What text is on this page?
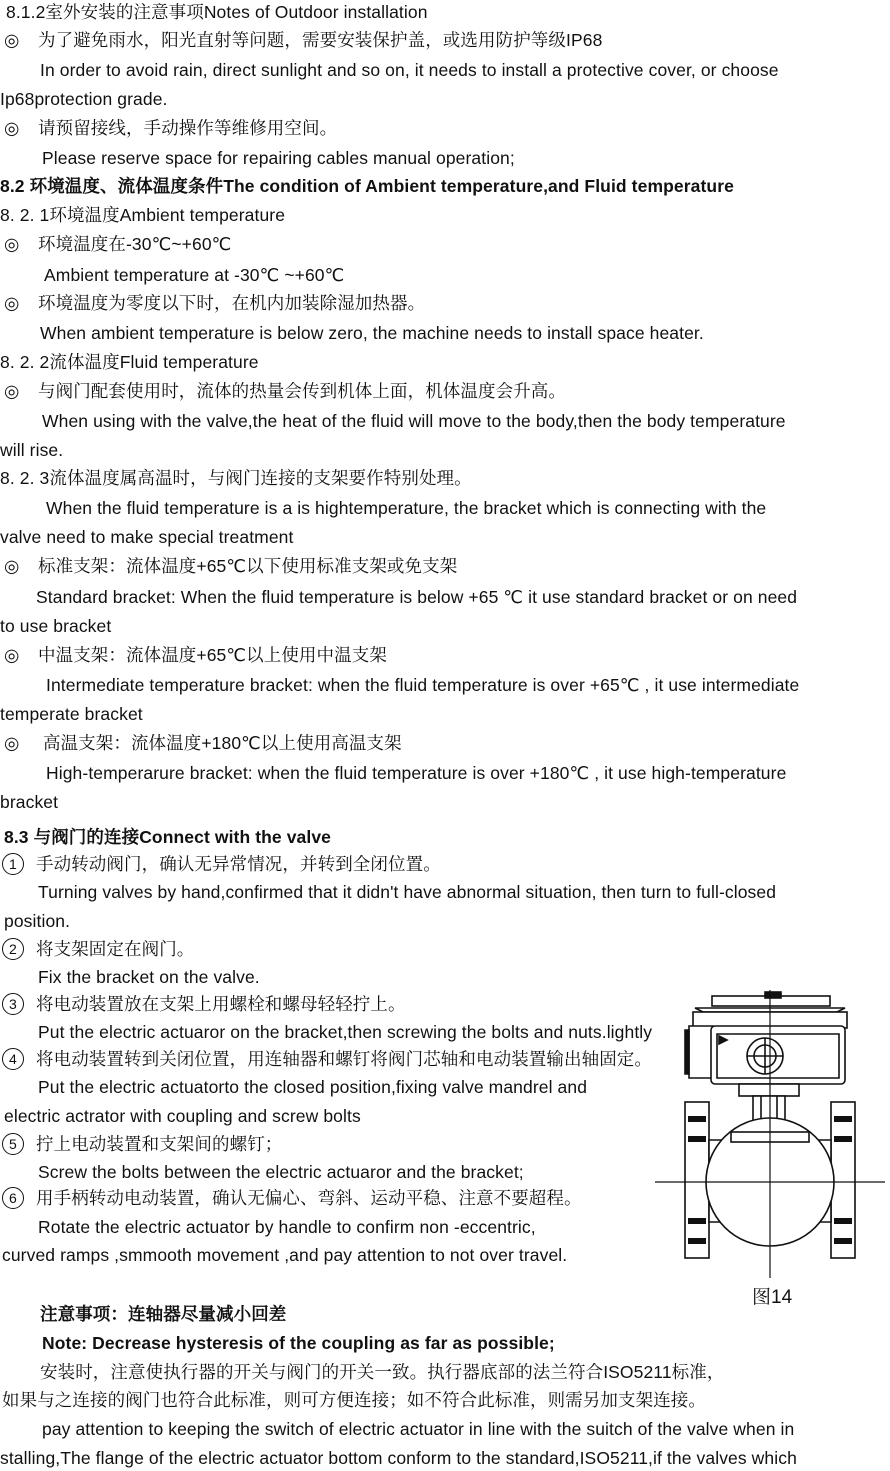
8.1.2室外安装的注意事项Notes of Outdoor installation
◎ 为了避免雨水，阳光直射等问题，需要安装保护盖，或选用防护等级IP68
In order to avoid rain, direct sunlight and so on, it needs to install a protective cover, or choose
Ip68protection grade.
◎ 请预留接线，手动操作等维修用空间。
Please reserve space for repairing cables manual operation;
8.2 环境温度、流体温度条件The condition of Ambient temperature,and Fluid temperature
8. 2. 1环境温度Ambient temperature
◎ 环境温度在-30℃~+60℃
Ambient temperature at -30℃ ~+60℃
◎ 环境温度为零度以下时，在机内加装除湿加热器。
When ambient temperature is below zero, the machine needs to install space heater.
8. 2. 2流体温度Fluid temperature
◎ 与阀门配套使用时，流体的热量会传到机体上面，机体温度会升高。
When using with the valve,the heat of the fluid will move to the body,then the body temperature
will rise.
8. 2. 3流体温度属高温时，与阀门连接的支架要作特别处理。
When the fluid temperature is a is hightemperature, the bracket which is connecting with the
valve need to make special treatment
◎ 标准支架：流体温度+65℃以下使用标准支架或免支架
Standard bracket: When the fluid temperature is below +65 ℃ it use standard bracket or on need
to use bracket
◎ 中温支架：流体温度+65℃以上使用中温支架
Intermediate temperature bracket: when the fluid temperature is over +65℃ , it use intermediate
temperate bracket
◎ 高温支架：流体温度+180℃以上使用高温支架
High-temperarure bracket: when the fluid temperature is over +180℃ , it use high-temperature
bracket
8.3 与阀门的连接Connect with the valve
1 手动转动阀门，确认无异常情况，并转到全闭位置。
Turning valves by hand,confirmed that it didn't have abnormal situation, then turn to full-closed
position.
2 将支架固定在阀门。
Fix the bracket on the valve.
3 将电动装置放在支架上用螺栓和螺母轻轻拧上。
Put the electric actuaror on the bracket,then screwing the bolts and nuts.lightly
4 将电动装置转到关闭位置，用连轴器和螺钉将阀门芯轴和电动装置输出轴固定。
Put the electric actuatorto the closed position,fixing valve mandrel and
electric actrator with coupling and screw bolts
5 拧上电动装置和支架间的螺钉；
Screw the bolts between the electric actuaror and the bracket;
6 用手柄转动电动装置，确认无偏心、弯斜、运动平稳、注意不要超程。
Rotate the electric actuator by handle to confirm non -eccentric,
curved ramps ,smmooth movement ,and pay attention to not over travel.
注意事项：连轴器尽量减小回差
Note: Decrease hysteresis of the coupling as far as possible;
安装时，注意使执行器的开关与阀门的开关一致。执行器底部的法兰符合ISO5211标准，
如果与之连接的阀门也符合此标准，则可方便连接；如不符合此标准，则需另加支架连接。
pay attention to keeping the switch of electric actuator in line with the suitch of the valve when in
stalling,The flange of the electric actuator bottom conform to the standard,ISO5211,if the valves which
图14
